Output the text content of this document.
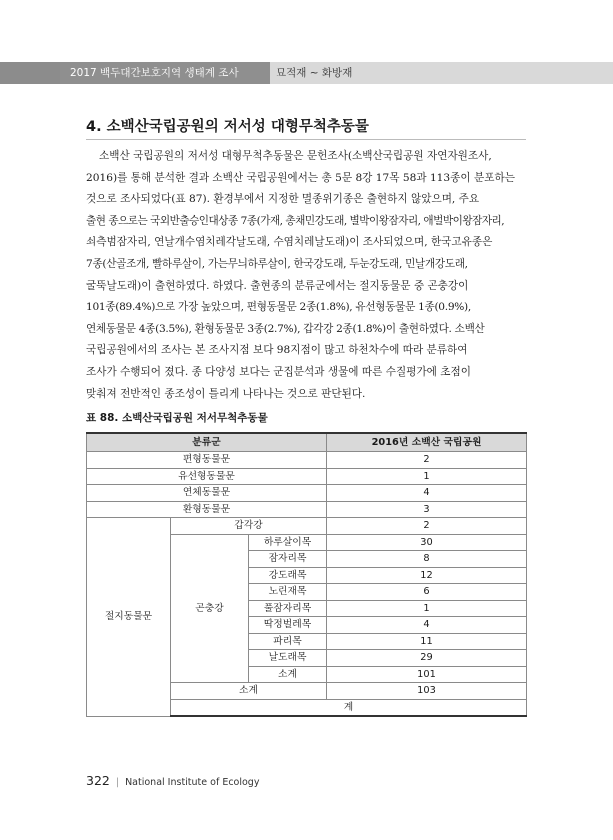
2017 백두대간보호지역 생태계 조사	묘적재 ~ 화방재
4. 소백산국립공원의 저서성 대형무척추동물
소백산 국립공원의 저서성 대형무척추동물은 문헌조사(소백산국립공원 자연자원조사,
2016)를 통해 분석한 결과 소백산 국립공원에서는 총 5문 8강 17목 58과 113종이 분포하는
것으로 조사되었다(표 87). 환경부에서 지정한 멸종위기종은 출현하지 않았으며, 주요
출현 종으로는 국외반출승인대상종 7종(가재, 총채민강도래, 별박이왕잠자리, 애벌박이왕잠자리,
쇠측범잠자리, 연날개수염치레각날도래, 수염치레날도래)이 조사되었으며, 한국고유종은
7종(산골조개, 빨하루살이, 가는무늬하루살이, 한국강도래, 두눈강도래, 민날개강도래,
굴뚝날도래)이 출현하였다. 하였다. 출현종의 분류군에서는 절지동물문 중 곤충강이
101종(89.4%)으로 가장 높았으며, 편형동물문 2종(1.8%), 유선형동물문 1종(0.9%),
연체동물문 4종(3.5%), 환형동물문 3종(2.7%), 갑각강 2종(1.8%)이 출현하였다. 소백산
국립공원에서의 조사는 본 조사지점 보다 98지점이 많고 하천차수에 따라 분류하여
조사가 수행되어 졌다. 종 다양성 보다는 군집분석과 생물에 따른 수질평가에 초점이
맞춰져 전반적인 종조성이 틀리게 나타나는 것으로 판단된다.
표 88. 소백산국립공원 저서무척추동물
분류군			2016년 소백산 국립공원	
편형동물문			2	
유선형동물문			1	
연체동물문			4	
환형동물문			3	
절지동물문	갑각강		2	
	곤충강	하루살이목	30	
		잠자리목	8	
		강도래목	12	
		노린재목	6	
		풀잠자리목	1	
		딱정벌레목	4	
		파리목	11	
		날도래목	29	
		소계	101	
	소계		103	
	계	
322 | National Institute of Ecology
